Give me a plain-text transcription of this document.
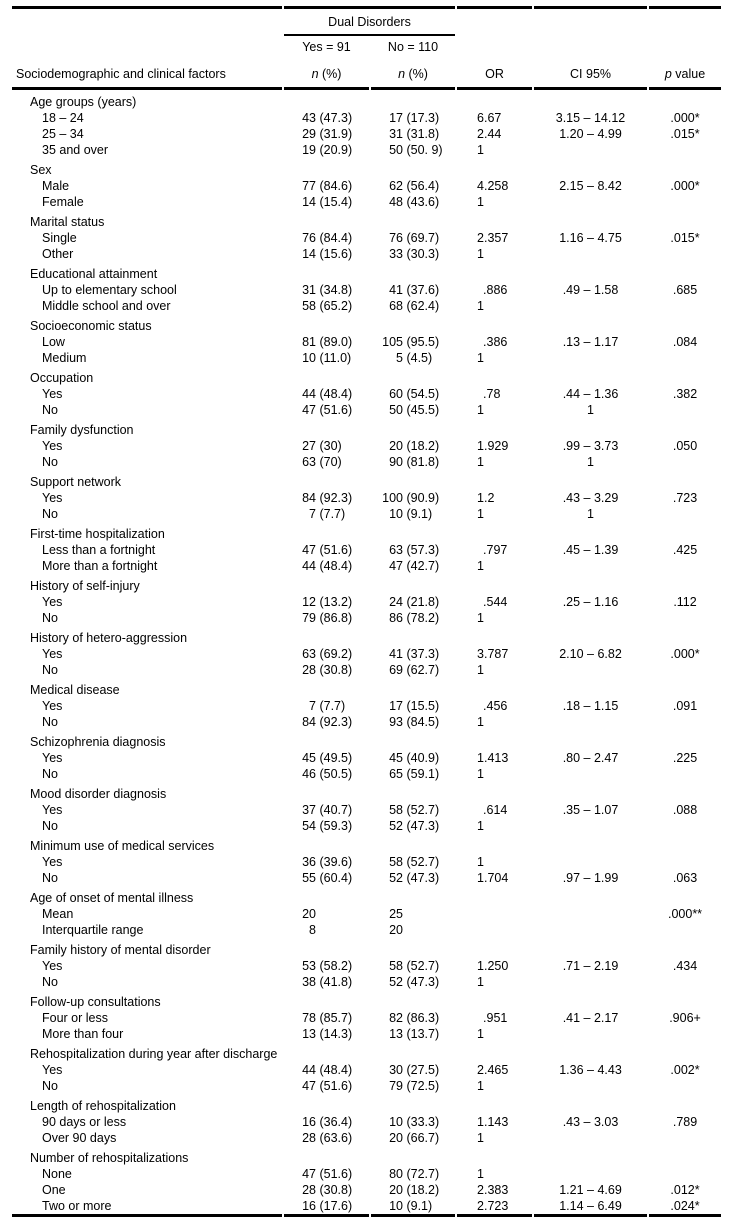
	Dual Disorders				
	Yes = 91	No = 110			
Sociodemographic and clinical factors	n (%)	n (%)	OR	CI 95%	p value
Age groups (years)					
18 – 24	43 (47.3)	17 (17.3)	6.67	3.15 – 14.12	.000*
25 – 34	29 (31.9)	31 (31.8)	2.44	1.20 – 4.99	.015*
35 and over	19 (20.9)	50 (50. 9)	1		
Sex					
Male	77 (84.6)	62 (56.4)	4.258	2.15 – 8.42	.000*
Female	14 (15.4)	48 (43.6)	1		
Marital status					
Single	76 (84.4)	76 (69.7)	2.357	1.16 – 4.75	.015*
Other	14 (15.6)	33 (30.3)	1		
Educational attainment					
Up to elementary school	31 (34.8)	41 (37.6)	.886	.49 – 1.58	.685
Middle school and over	58 (65.2)	68 (62.4)	1		
Socioeconomic status					
Low	81 (89.0)	105 (95.5)	.386	.13 – 1.17	.084
Medium	10 (11.0)	5 (4.5)	1		
Occupation					
Yes	44 (48.4)	60 (54.5)	.78	.44 – 1.36	.382
No	47 (51.6)	50 (45.5)	1	1	
Family dysfunction					
Yes	27 (30)	20 (18.2)	1.929	.99 – 3.73	.050
No	63 (70)	90 (81.8)	1	1	
Support network					
Yes	84 (92.3)	100 (90.9)	1.2	.43 – 3.29	.723
No	7 (7.7)	10 (9.1)	1	1	
First-time hospitalization					
Less than a fortnight	47 (51.6)	63 (57.3)	.797	.45 – 1.39	.425
More than a fortnight	44 (48.4)	47 (42.7)	1		
History of self-injury					
Yes	12 (13.2)	24 (21.8)	.544	.25 – 1.16	.112
No	79 (86.8)	86 (78.2)	1		
History of hetero-aggression					
Yes	63 (69.2)	41 (37.3)	3.787	2.10 – 6.82	.000*
No	28 (30.8)	69 (62.7)	1		
Medical disease					
Yes	7 (7.7)	17 (15.5)	.456	.18 – 1.15	.091
No	84 (92.3)	93 (84.5)	1		
Schizophrenia diagnosis					
Yes	45 (49.5)	45 (40.9)	1.413	.80 – 2.47	.225
No	46 (50.5)	65 (59.1)	1		
Mood disorder diagnosis					
Yes	37 (40.7)	58 (52.7)	.614	.35 – 1.07	.088
No	54 (59.3)	52 (47.3)	1		
Minimum use of medical services					
Yes	36 (39.6)	58 (52.7)	1		
No	55 (60.4)	52 (47.3)	1.704	.97 – 1.99	.063
Age of onset of mental illness					
Mean	20	25			.000**
Interquartile range	8	20			
Family history of mental disorder					
Yes	53 (58.2)	58 (52.7)	1.250	.71 – 2.19	.434
No	38 (41.8)	52 (47.3)	1		
Follow-up consultations					
Four or less	78 (85.7)	82 (86.3)	.951	.41 – 2.17	.906+
More than four	13 (14.3)	13 (13.7)	1		
Rehospitalization during year after discharge					
Yes	44 (48.4)	30 (27.5)	2.465	1.36 – 4.43	.002*
No	47 (51.6)	79 (72.5)	1		
Length of rehospitalization					
90 days or less	16 (36.4)	10 (33.3)	1.143	.43 – 3.03	.789
Over 90 days	28 (63.6)	20 (66.7)	1		
Number of rehospitalizations					
None	47 (51.6)	80 (72.7)	1		
One	28 (30.8)	20 (18.2)	2.383	1.21 – 4.69	.012*
Two or more	16 (17.6)	10 (9.1)	2.723	1.14 – 6.49	.024*
